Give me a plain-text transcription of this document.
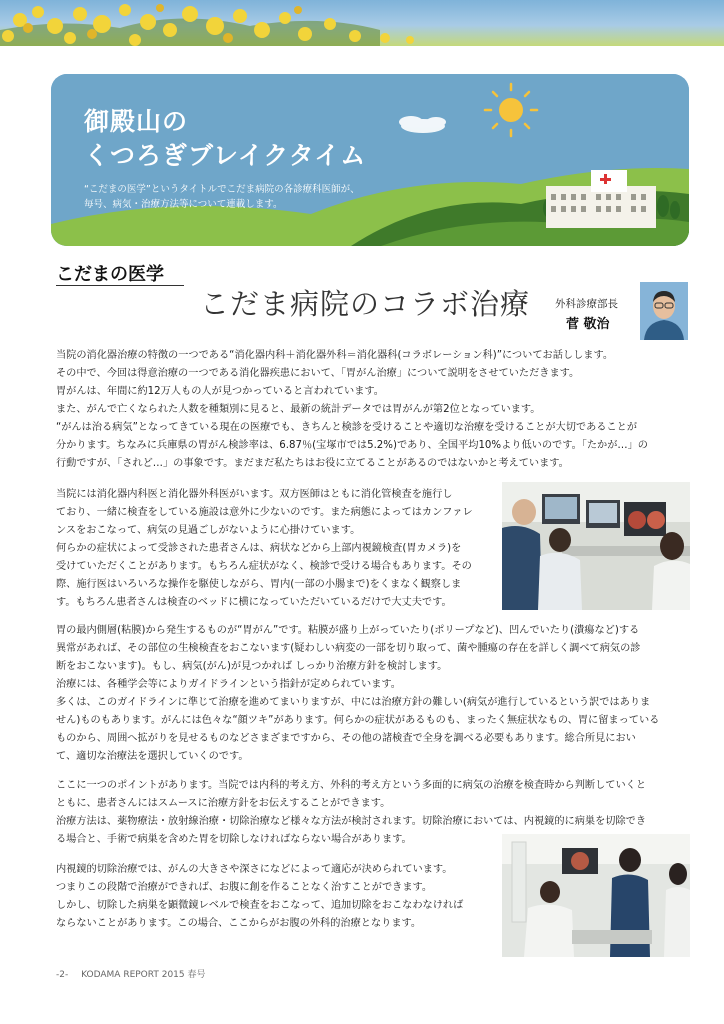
御殿山の
くつろぎブレイクタイム
“こだまの医学”というタイトルでこだま病院の各診療科医師が、
毎号、病気・治療方法等について連載します。
こだまの医学
こだま病院のコラボ治療 外科診療部長
菅 敬治

当院の消化器治療の特徴の一つである“消化器内科＋消化器外科＝消化器科(コラボレーション科)”についてお話しします。

その中で、今回は得意治療の一つである消化器疾患において、「胃がん治療」について説明をさせていただきます。

胃がんは、年間に約12万人もの人が見つかっていると言われています。

また、がんで亡くなられた人数を種類別に見ると、最新の統計データでは胃がんが第2位となっています。

“がんは治る病気”となってきている現在の医療でも、きちんと検診を受けることや適切な治療を受けることが大切であることが

分かります。ちなみに兵庫県の胃がん検診率は、6.87％(宝塚市では5.2%)であり、全国平均10%より低いのです。「たかが…」の

行動ですが、「されど…」の事象です。まだまだ私たちはお役に立てることがあるのではないかと考えています。

当院には消化器内科医と消化器外科医がいます。双方医師はともに消化管検査を施行し

ており、一緒に検査をしている施設は意外に少ないのです。また病態によってはカンファレ

ンスをおこなって、病気の見過ごしがないように心掛けています。

何らかの症状によって受診された患者さんは、病状などから上部内視鏡検査(胃カメラ)を

受けていただくことがあります。もちろん症状がなく、検診で受ける場合もあります。その

際、施行医はいろいろな操作を駆使しながら、胃内(一部の小腸まで)をくまなく観察しま

す。もちろん患者さんは検査のベッドに横になっていただいているだけで大丈夫です。

胃の最内側層(粘膜)から発生するものが“胃がん”です。粘膜が盛り上がっていたり(ポリープなど)、凹んでいたり(潰瘍など)する

異常があれば、その部位の生検検査をおこないます(疑わしい病変の一部を切り取って、菌や腫瘍の存在を詳しく調べて病気の診

断をおこないます)。もし、病気(がん)が見つかれば しっかり治療方針を検討します。

治療には、各種学会等によりガイドラインという指針が定められています。

多くは、このガイドラインに準じて治療を進めてまいりますが、中には治療方針の難しい(病気が進行しているという訳ではありま

せん)ものもあります。がんには色々な“顔ツキ”があります。何らかの症状があるものも、まったく無症状なもの、胃に留まっている

ものから、周囲へ拡がりを見せるものなどさまざまですから、その他の諸検査で全身を調べる必要もあります。総合所見におい

て、適切な治療法を選択していくのです。

ここに一つのポイントがあります。当院では内科的考え方、外科的考え方という多面的に病気の治療を検査時から判断していくと

ともに、患者さんにはスムースに治療方針をお伝えすることができます。

治療方法は、薬物療法・放射線治療・切除治療など様々な方法が検討されます。切除治療においては、内視鏡的に病巣を切除でき

る場合と、手術で病巣を含めた胃を切除しなければならない場合があります。

内視鏡的切除治療では、がんの大きさや深さになどによって適応が決められています。

つまりこの段階で治療ができれば、お腹に創を作ることなく治すことができます。

しかし、切除した病巣を顕微鏡レベルで検査をおこなって、追加切除をおこなわなければ

ならないことがあります。この場合、ここからがお腹の外科的治療となります。

-2- KODAMA REPORT 2015 春号
